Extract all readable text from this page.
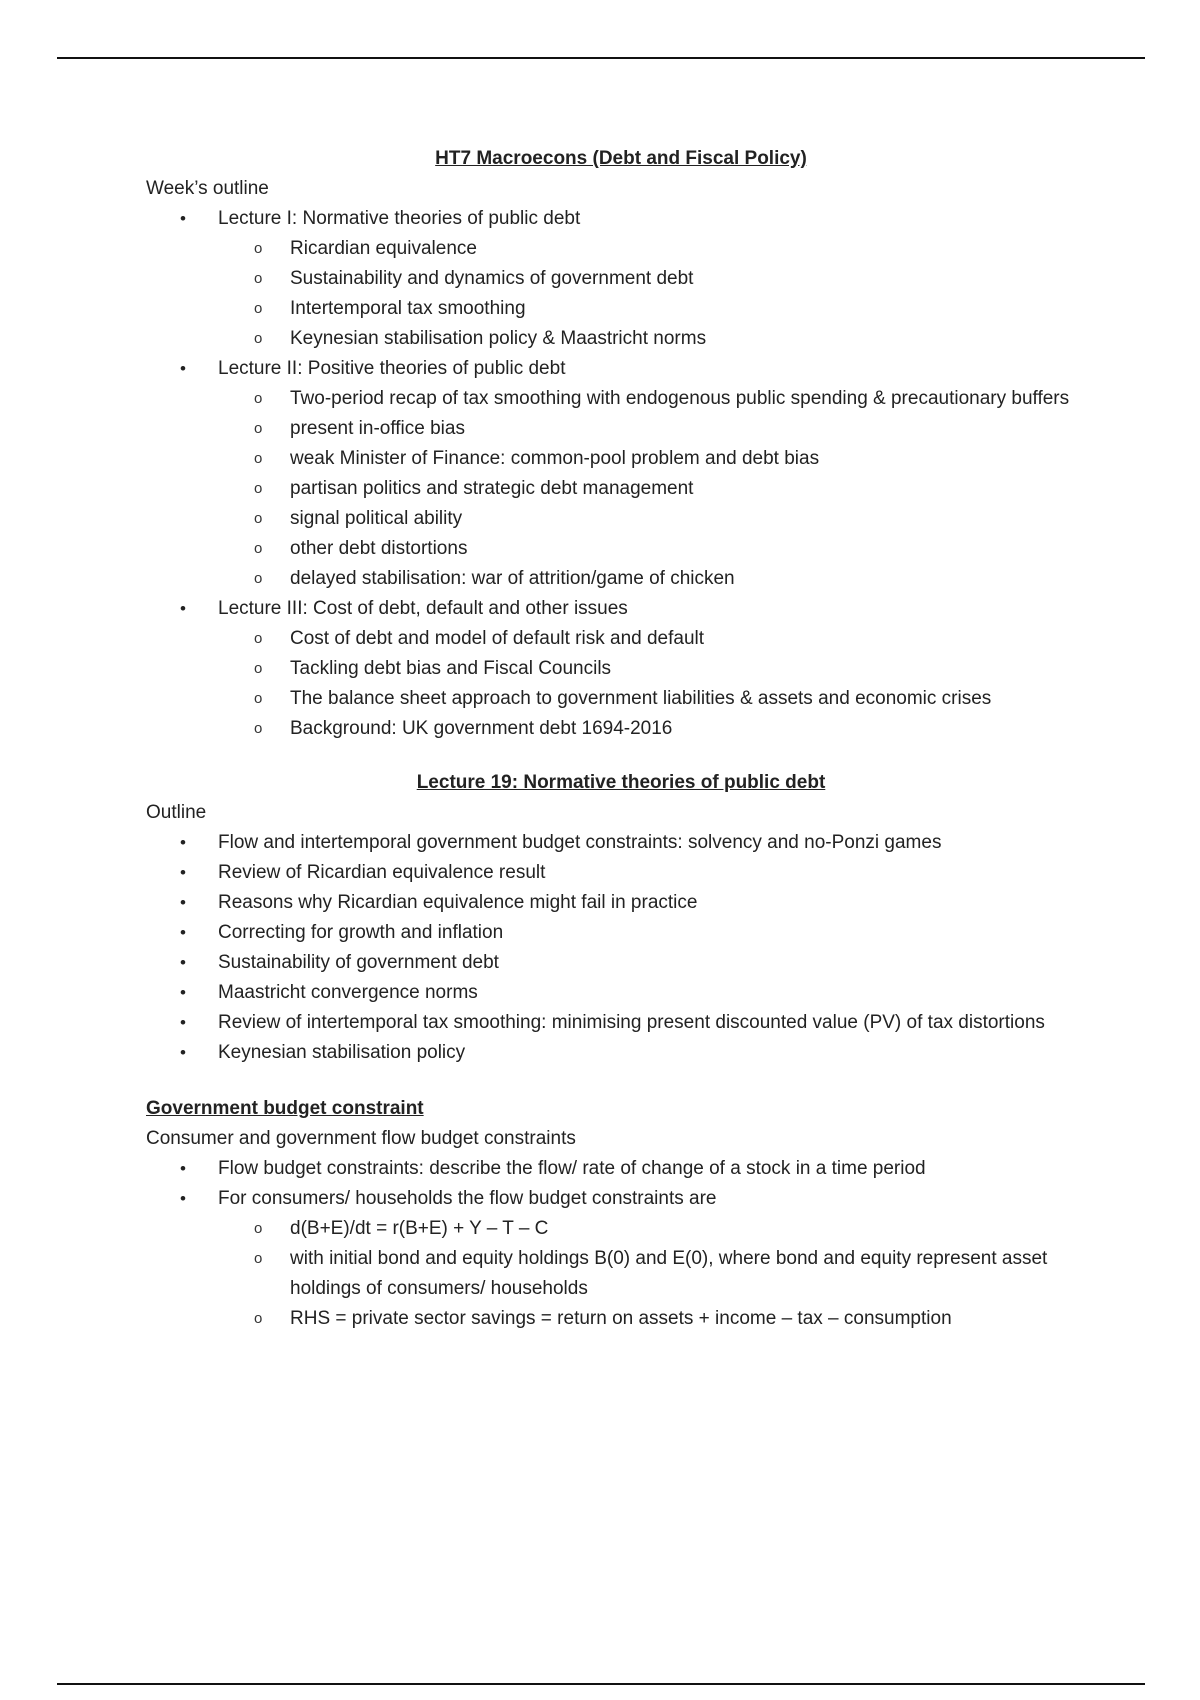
HT7 Macroecons (Debt and Fiscal Policy)
Week’s outline
• Lecture I: Normative theories of public debt
o Ricardian equivalence
o Sustainability and dynamics of government debt
o Intertemporal tax smoothing
o Keynesian stabilisation policy & Maastricht norms
• Lecture II: Positive theories of public debt
o Two-period recap of tax smoothing with endogenous public spending & precautionary buffers
o present in-office bias
o weak Minister of Finance: common-pool problem and debt bias
o partisan politics and strategic debt management
o signal political ability
o other debt distortions
o delayed stabilisation: war of attrition/game of chicken
• Lecture III: Cost of debt, default and other issues
o Cost of debt and model of default risk and default
o Tackling debt bias and Fiscal Councils
o The balance sheet approach to government liabilities & assets and economic crises
o Background: UK government debt 1694-2016
Lecture 19: Normative theories of public debt
Outline
• Flow and intertemporal government budget constraints: solvency and no-Ponzi games
• Review of Ricardian equivalence result
• Reasons why Ricardian equivalence might fail in practice
• Correcting for growth and inflation
• Sustainability of government debt
• Maastricht convergence norms
• Review of intertemporal tax smoothing: minimising present discounted value (PV) of tax distortions
• Keynesian stabilisation policy
Government budget constraint
Consumer and government flow budget constraints
• Flow budget constraints: describe the flow/ rate of change of a stock in a time period
• For consumers/ households the flow budget constraints are
o d(B+E)/dt = r(B+E) + Y – T – C
o with initial bond and equity holdings B(0) and E(0), where bond and equity represent asset holdings of consumers/ households
o RHS = private sector savings = return on assets + income – tax – consumption
